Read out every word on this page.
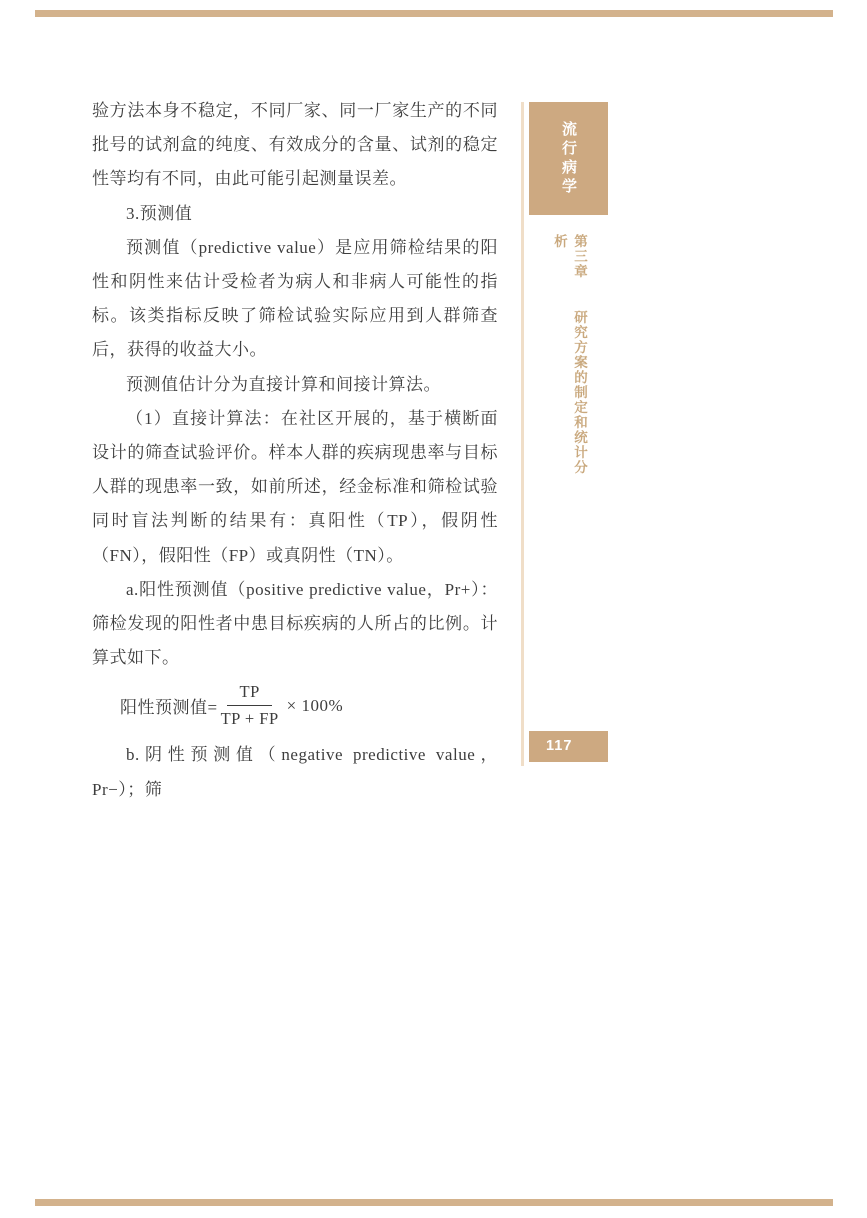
验方法本身不稳定，不同厂家、同一厂家生产的不同批号的试剂盒的纯度、有效成分的含量、试剂的稳定性等均有不同，由此可能引起测量误差。

3.预测值

预测值（predictive value）是应用筛检结果的阳性和阴性来估计受检者为病人和非病人可能性的指标。该类指标反映了筛检试验实际应用到人群筛查后，获得的收益大小。

预测值估计分为直接计算和间接计算法。

（1）直接计算法：在社区开展的，基于横断面设计的筛查试验评价。样本人群的疾病现患率与目标人群的现患率一致，如前所述，经金标准和筛检试验同时盲法判断的结果有：真阳性（TP），假阴性（FN），假阳性（FP）或真阴性（TN）。

a.阳性预测值（positive predictive value，Pr+）：筛检发现的阳性者中患目标疾病的人所占的比例。计算式如下。

阳性预测值= $\frac{TP}{TP + FP} \times 100\%$

b.阴性预测值（negative predictive value，Pr−）；筛

流行病学
第三章 研究方案的制定和统计分析
117
